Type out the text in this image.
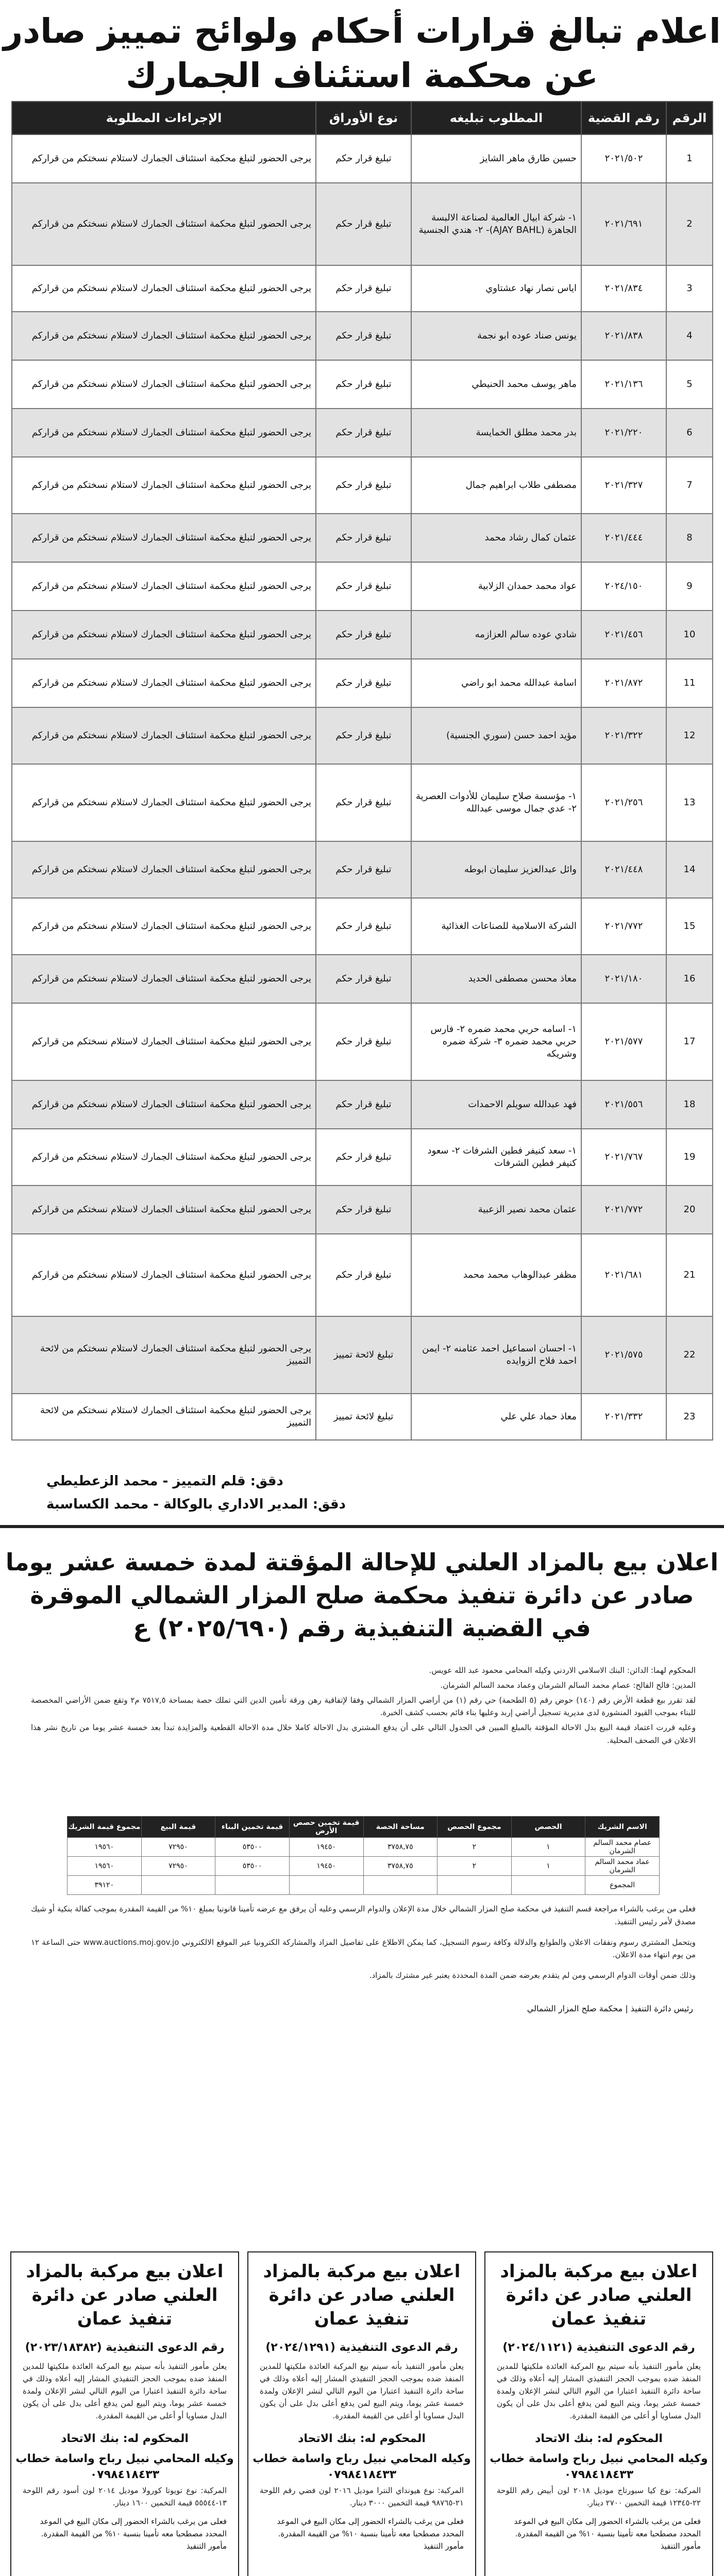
اعلام تبالغ قرارات أحكام ولوائح تمييز صادر عن محكمة استئناف الجمارك
الرقم	رقم القضية	المطلوب تبليغه	نوع الأوراق	الإجراءات المطلوبة
1	٢٠٢١/٥٠٢	حسين طارق ماهر الشايز	تبليغ قرار حكم	يرجى الحضور لتبلغ محكمة استئناف الجمارك لاستلام نسختكم من قراركم
2	٢٠٢١/٦٩١	١- شركة ابيال العالمية لصناعة الالبسة الجاهزة (AJAY BAHL)- ٢- هندي الجنسية	تبليغ قرار حكم	يرجى الحضور لتبلغ محكمة استئناف الجمارك لاستلام نسختكم من قراركم
3	٢٠٢١/٨٣٤	اياس نصار نهاد عشتاوي	تبليغ قرار حكم	يرجى الحضور لتبلغ محكمة استئناف الجمارك لاستلام نسختكم من قراركم
4	٢٠٢١/٨٣٨	يونس صناد عوده ابو نجمة	تبليغ قرار حكم	يرجى الحضور لتبلغ محكمة استئناف الجمارك لاستلام نسختكم من قراركم
5	٢٠٢١/١٣٦	ماهر يوسف محمد الحنيطي	تبليغ قرار حكم	يرجى الحضور لتبلغ محكمة استئناف الجمارك لاستلام نسختكم من قراركم
6	٢٠٢١/٢٢٠	بدر محمد مطلق الخمايسة	تبليغ قرار حكم	يرجى الحضور لتبلغ محكمة استئناف الجمارك لاستلام نسختكم من قراركم
7	٢٠٢١/٣٢٧	مصطفى طلاب ابراهيم جمال	تبليغ قرار حكم	يرجى الحضور لتبلغ محكمة استئناف الجمارك لاستلام نسختكم من قراركم
8	٢٠٢١/٤٤٤	عثمان كمال رشاد محمد	تبليغ قرار حكم	يرجى الحضور لتبلغ محكمة استئناف الجمارك لاستلام نسختكم من قراركم
9	٢٠٢٤/١٥٠	عواد محمد حمدان الزلابية	تبليغ قرار حكم	يرجى الحضور لتبلغ محكمة استئناف الجمارك لاستلام نسختكم من قراركم
10	٢٠٢١/٤٥٦	شادي عوده سالم العزازمه	تبليغ قرار حكم	يرجى الحضور لتبلغ محكمة استئناف الجمارك لاستلام نسختكم من قراركم
11	٢٠٢١/٨٧٢	اسامة عبدالله محمد ابو راضي	تبليغ قرار حكم	يرجى الحضور لتبلغ محكمة استئناف الجمارك لاستلام نسختكم من قراركم
12	٢٠٢١/٣٢٢	مؤيد احمد حسن (سوري الجنسية)	تبليغ قرار حكم	يرجى الحضور لتبلغ محكمة استئناف الجمارك لاستلام نسختكم من قراركم
13	٢٠٢١/٢٥٦	١- مؤسسة صلاح سليمان للأدوات العصرية ٢- عدي جمال موسى عبدالله	تبليغ قرار حكم	يرجى الحضور لتبلغ محكمة استئناف الجمارك لاستلام نسختكم من قراركم
14	٢٠٢١/٤٤٨	وائل عبدالعزيز سليمان ابوطه	تبليغ قرار حكم	يرجى الحضور لتبلغ محكمة استئناف الجمارك لاستلام نسختكم من قراركم
15	٢٠٢١/٧٧٢	الشركة الاسلامية للصناعات الغذائية	تبليغ قرار حكم	يرجى الحضور لتبلغ محكمة استئناف الجمارك لاستلام نسختكم من قراركم
16	٢٠٢١/١٨٠	معاذ محسن مصطفى الحديد	تبليغ قرار حكم	يرجى الحضور لتبلغ محكمة استئناف الجمارك لاستلام نسختكم من قراركم
17	٢٠٢١/٥٧٧	١- اسامه حربي محمد ضمره ٢- فارس حربي محمد ضمره ٣- شركة ضمره وشريكه	تبليغ قرار حكم	يرجى الحضور لتبلغ محكمة استئناف الجمارك لاستلام نسختكم من قراركم
18	٢٠٢١/٥٥٦	فهد عبدالله سويلم الاحمدات	تبليغ قرار حكم	يرجى الحضور لتبلغ محكمة استئناف الجمارك لاستلام نسختكم من قراركم
19	٢٠٢١/٧٦٧	١- سعد كنيفر فطين الشرفات ٢- سعود كنيفر فطين الشرفات	تبليغ قرار حكم	يرجى الحضور لتبلغ محكمة استئناف الجمارك لاستلام نسختكم من قراركم
20	٢٠٢١/٧٧٢	عثمان محمد نصير الزعبية	تبليغ قرار حكم	يرجى الحضور لتبلغ محكمة استئناف الجمارك لاستلام نسختكم من قراركم
21	٢٠٢١/٦٨١	مظفر عبدالوهاب محمد محمد	تبليغ قرار حكم	يرجى الحضور لتبلغ محكمة استئناف الجمارك لاستلام نسختكم من قراركم
22	٢٠٢١/٥٧٥	١- احسان اسماعيل احمد عثامنه ٢- ايمن احمد فلاح الزوايده	تبليغ لائحة تمييز	يرجى الحضور لتبلغ محكمة استئناف الجمارك لاستلام نسختكم من لائحة التمييز
23	٢٠٢١/٣٣٢	معاذ حماد علي علي	تبليغ لائحة تمييز	يرجى الحضور لتبلغ محكمة استئناف الجمارك لاستلام نسختكم من لائحة التمييز
دقق: قلم التمييز - محمد الزعطيطي
دقق: المدير الاداري بالوكالة - محمد الكساسبة
اعلان بيع بالمزاد العلني للإحالة المؤقتة لمدة خمسة عشر يوما
صادر عن دائرة تنفيذ محكمة صلح المزار الشمالي الموقرة
في القضية التنفيذية رقم (٢٠٢٥/٦٩٠) ع

المحكوم لهما: الدائن: البنك الاسلامي الاردني وكيله المحامي محمود عبد الله عويس.

المدين: فالح الفالح: عصام محمد السالم الشرمان وعماد محمد السالم الشرمان.

لقد تقرر بيع قطعة الأرض رقم (١٤٠) حوض رقم (٥ الطحمة) حي رقم (١) من أراضي المزار الشمالي وفقا لإتفاقية رهن ورقة تأمين الدين التي تملك حصة بمساحة ٧٥١٧,٥ م٢ وتقع ضمن الأراضي المخصصة للبناء بموجب القيود المنشورة لدى مديرية تسجيل أراضي إربد وعليها بناء قائم بحسب كشف الخبرة.

وعليه قررت اعتماد قيمة البيع بدل الاحالة المؤقتة بالمبلغ المبين في الجدول التالي على أن يدفع المشتري بدل الاحالة كاملا خلال مدة الاحالة القطعية والمزايدة تبدأ بعد خمسة عشر يوما من تاريخ نشر هذا الاعلان في الصحف المحلية.

الاسم الشريك	الحصص	مجموع الحصص	مساحة الحصة	قيمة تخمين حصص الأرض	قيمة تخمين البناء	قيمة البيع	مجموع قيمة الشريك
عصام محمد السالم الشرمان	١	٢	٣٧٥٨,٧٥	١٩٤٥٠	٥٣٥٠٠	٧٢٩٥٠	١٩٥٦٠
عماد محمد السالم الشرمان	١	٢	٣٧٥٨,٧٥	١٩٤٥٠	٥٣٥٠٠	٧٢٩٥٠	١٩٥٦٠
المجموع							٣٩١٢٠

فعلى من يرغب بالشراء مراجعة قسم التنفيذ في محكمة صلح المزار الشمالي خلال مدة الإعلان والدوام الرسمي وعليه أن يرفق مع عرضه تأمينا قانونيا بمبلغ ١٠% من القيمة المقدرة بموجب كفالة بنكية أو شيك مصدق لأمر رئيس التنفيذ.

ويتحمل المشتري رسوم ونفقات الاعلان والطوابع والدلالة وكافة رسوم التسجيل، كما يمكن الاطلاع على تفاصيل المزاد والمشاركة الكترونيا عبر الموقع الالكتروني www.auctions.moj.gov.jo حتى الساعة ١٢ من يوم انتهاء مدة الاعلان.

وذلك ضمن أوقات الدوام الرسمي ومن لم يتقدم بعرضه ضمن المدة المحددة يعتبر غير مشترك بالمزاد.

رئيس دائرة التنفيذ | محكمة صلح المزار الشمالي
اعلان بيع مركبة بالمزاد العلني صادر عن دائرة تنفيذ عمان
رقم الدعوى التنفيذية (٢٠٢٤/١١٢١)
يعلن مأمور التنفيذ بأنه سيتم بيع المركبة العائدة ملكيتها للمدين المنفذ ضده بموجب الحجز التنفيذي المشار إليه أعلاه وذلك في ساحة دائرة التنفيذ اعتبارا من اليوم التالي لنشر الإعلان ولمدة خمسة عشر يوما، ويتم البيع لمن يدفع أعلى بدل على أن يكون البدل مساويا أو أعلى من القيمة المقدرة.
المحكوم له: بنك الاتحاد
وكيله المحامي نبيل رباح واسامة خطاب
٠٧٩٨٤١٨٤٣٣
المركبة: نوع كيا سبورتاج موديل ٢٠١٨ لون أبيض رقم اللوحة ٢٢-١٢٣٤٥ قيمة التخمين ٢٧٠٠ دينار.
فعلى من يرغب بالشراء الحضور إلى مكان البيع في الموعد المحدد مصطحبا معه تأمينا بنسبة ١٠% من القيمة المقدرة. مأمور التنفيذ
اعلان بيع مركبة بالمزاد العلني صادر عن دائرة تنفيذ عمان
رقم الدعوى التنفيذية (٢٠٢٤/١٢٩١)
يعلن مأمور التنفيذ بأنه سيتم بيع المركبة العائدة ملكيتها للمدين المنفذ ضده بموجب الحجز التنفيذي المشار إليه أعلاه وذلك في ساحة دائرة التنفيذ اعتبارا من اليوم التالي لنشر الإعلان ولمدة خمسة عشر يوما، ويتم البيع لمن يدفع أعلى بدل على أن يكون البدل مساويا أو أعلى من القيمة المقدرة.
المحكوم له: بنك الاتحاد
وكيله المحامي نبيل رباح واسامة خطاب
٠٧٩٨٤١٨٤٣٣
المركبة: نوع هيونداي النترا موديل ٢٠١٦ لون فضي رقم اللوحة ٢١-٩٨٧٦٥ قيمة التخمين ٣٠٠٠ دينار.
فعلى من يرغب بالشراء الحضور إلى مكان البيع في الموعد المحدد مصطحبا معه تأمينا بنسبة ١٠% من القيمة المقدرة. مأمور التنفيذ
اعلان بيع مركبة بالمزاد العلني صادر عن دائرة تنفيذ عمان
رقم الدعوى التنفيذية (٢٠٢٣/١٨٣٨٢)
يعلن مأمور التنفيذ بأنه سيتم بيع المركبة العائدة ملكيتها للمدين المنفذ ضده بموجب الحجز التنفيذي المشار إليه أعلاه وذلك في ساحة دائرة التنفيذ اعتبارا من اليوم التالي لنشر الإعلان ولمدة خمسة عشر يوما، ويتم البيع لمن يدفع أعلى بدل على أن يكون البدل مساويا أو أعلى من القيمة المقدرة.
المحكوم له: بنك الاتحاد
وكيله المحامي نبيل رباح واسامة خطاب
٠٧٩٨٤١٨٤٣٣
المركبة: نوع تويوتا كورولا موديل ٢٠١٤ لون أسود رقم اللوحة ١٣-٥٥٥٤٤ قيمة التخمين ١٦٠٠ دينار.
فعلى من يرغب بالشراء الحضور إلى مكان البيع في الموعد المحدد مصطحبا معه تأمينا بنسبة ١٠% من القيمة المقدرة. مأمور التنفيذ
